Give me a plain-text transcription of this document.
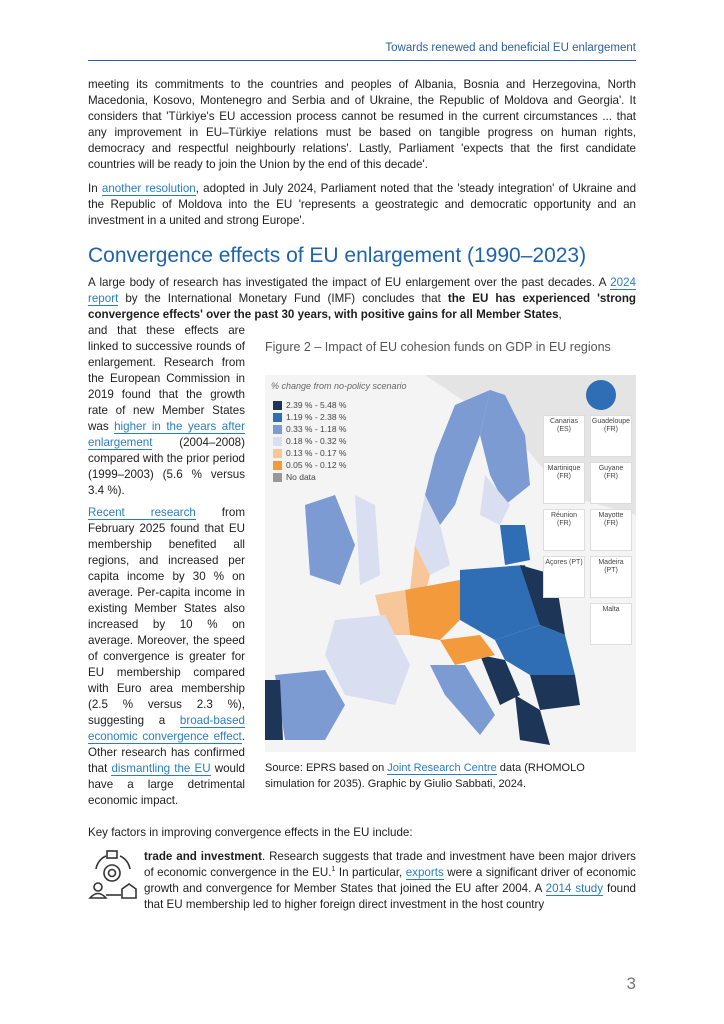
Towards renewed and beneficial EU enlargement

meeting its commitments to the countries and peoples of Albania, Bosnia and Herzegovina, North Macedonia, Kosovo, Montenegro and Serbia and of Ukraine, the Republic of Moldova and Georgia'. It considers that 'Türkiye's EU accession process cannot be resumed in the current circumstances ... that any improvement in EU–Türkiye relations must be based on tangible progress on human rights, democracy and respectful neighbourly relations'. Lastly, Parliament 'expects that the first candidate countries will be ready to join the Union by the end of this decade'.

In another resolution, adopted in July 2024, Parliament noted that the 'steady integration' of Ukraine and the Republic of Moldova into the EU 'represents a geostrategic and democratic opportunity and an investment in a united and strong Europe'.

Convergence effects of EU enlargement (1990–2023)

A large body of research has investigated the impact of EU enlargement over the past decades. A 2024 report by the International Monetary Fund (IMF) concludes that the EU has experienced 'strong convergence effects' over the past 30 years, with positive gains for all Member States,

and that these effects are linked to successive rounds of enlargement. Research from the European Commission in 2019 found that the growth rate of new Member States was higher in the years after enlargement (2004–2008) compared with the prior period (1999–2003) (5.6 % versus 3.4 %).

Recent research from February 2025 found that EU membership benefited all regions, and increased per capita income by 30 % on average. Per-capita income in existing Member States also increased by 10 % on average. Moreover, the speed of convergence is greater for EU membership compared with Euro area membership (2.5 % versus 2.3 %), suggesting a broad-based economic convergence effect. Other research has confirmed that dismantling the EU would have a large detrimental economic impact.

Figure 2 – Impact of EU cohesion funds on GDP in EU regions
% change from no-policy scenario
2.39 % - 5.48 %
1.19 % - 2.38 %
0.33 % - 1.18 %
0.18 % - 0.32 %
0.13 % - 0.17 %
0.05 % - 0.12 %
No data
Canarias (ES)
Guadeloupe (FR)
Martinique (FR)
Guyane (FR)
Réunion (FR)
Mayotte (FR)
Açores (PT)	Madeira (PT)
Malta
Source: EPRS based on Joint Research Centre data (RHOMOLO simulation for 2035). Graphic by Giulio Sabbati, 2024.

Key factors in improving convergence effects in the EU include:

trade and investment. Research suggests that trade and investment have been major drivers of economic convergence in the EU.$^1$ In particular, exports were a significant driver of economic growth and convergence for Member States that joined the EU after 2004. A 2014 study found that EU membership led to higher foreign direct investment in the host country

3
